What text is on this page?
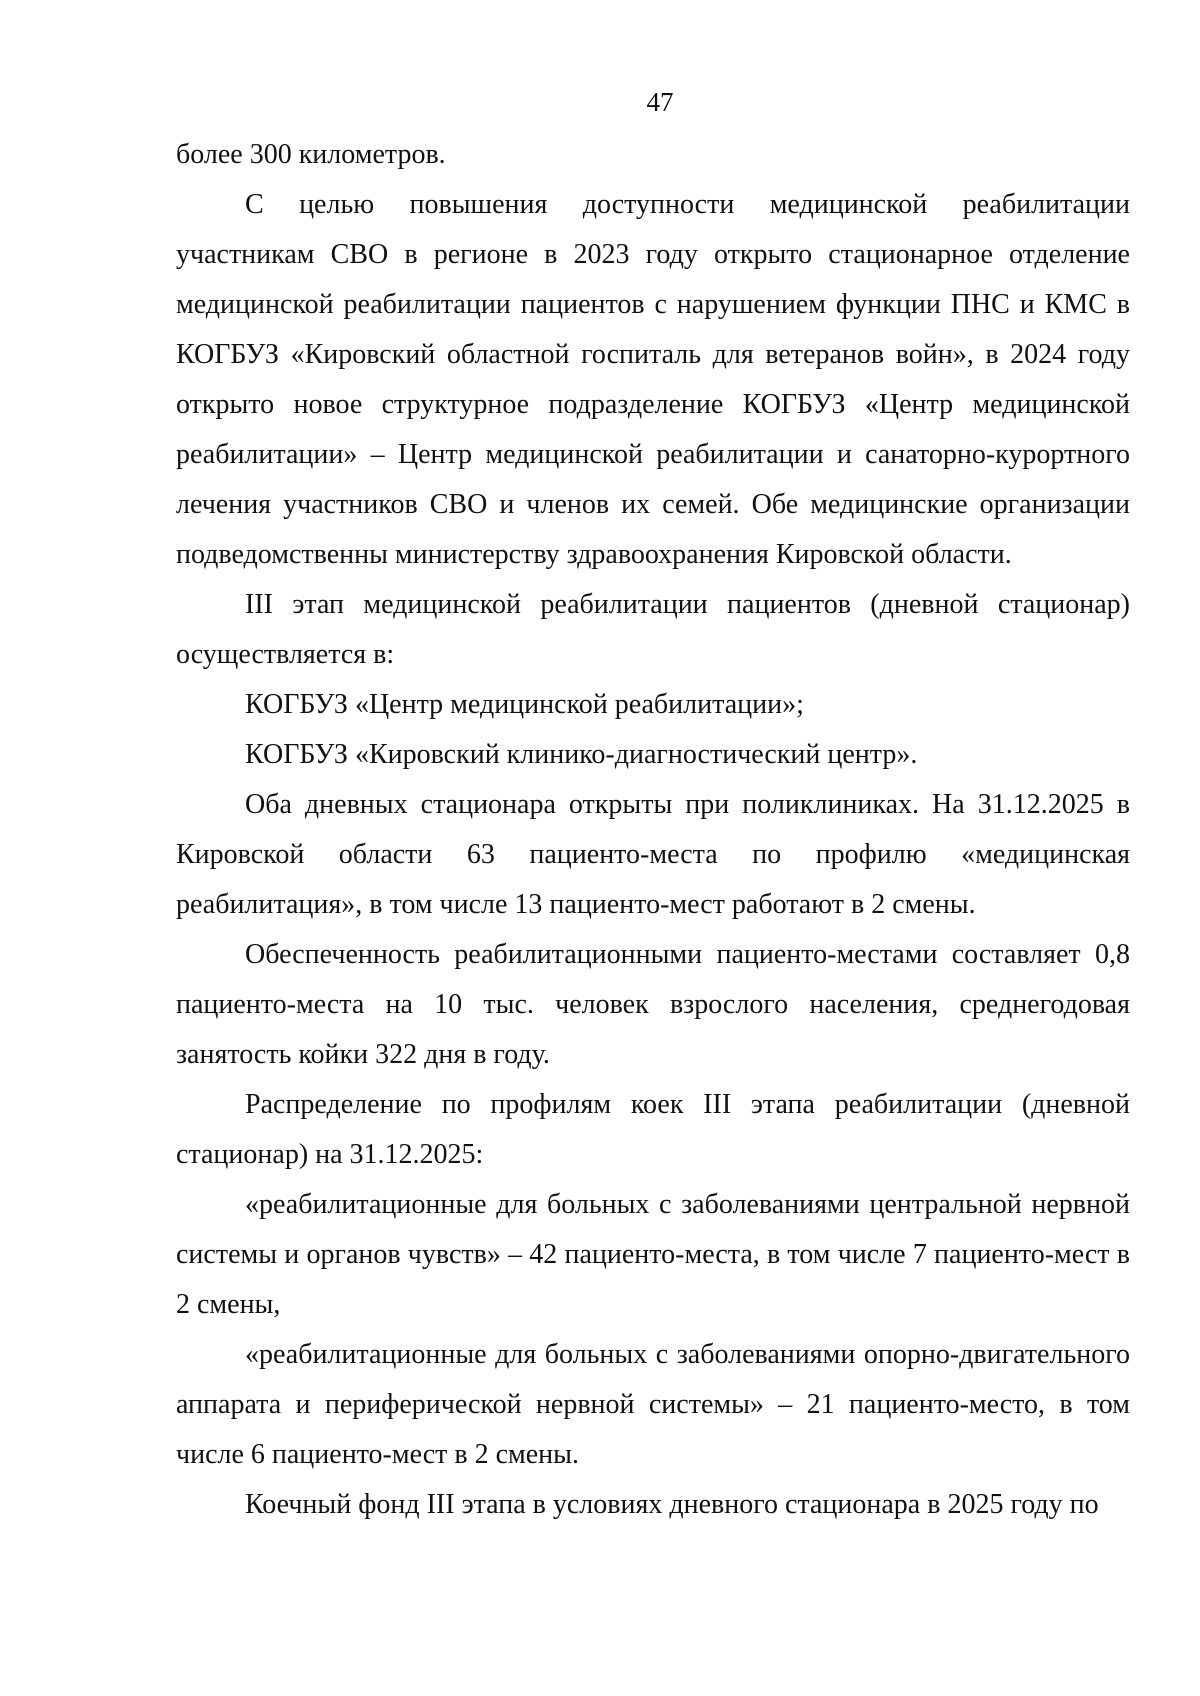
47

более 300 километров.

С целью повышения доступности медицинской реабилитации участникам СВО в регионе в 2023 году открыто стационарное отделение медицинской реабилитации пациентов с нарушением функции ПНС и КМС в КОГБУЗ «Кировский областной госпиталь для ветеранов войн», в 2024 году открыто новое структурное подразделение КОГБУЗ «Центр медицинской реабилитации» – Центр медицинской реабилитации и санаторно-курортного лечения участников СВО и членов их семей. Обе медицинские организации подведомственны министерству здравоохранения Кировской области.

III этап медицинской реабилитации пациентов (дневной стационар) осуществляется в:

КОГБУЗ «Центр медицинской реабилитации»;

КОГБУЗ «Кировский клинико-диагностический центр».

Оба дневных стационара открыты при поликлиниках. На 31.12.2025 в Кировской области 63 пациенто-места по профилю «медицинская реабилитация», в том числе 13 пациенто-мест работают в 2 смены.

Обеспеченность реабилитационными пациенто-местами составляет 0,8 пациенто-места на 10 тыс. человек взрослого населения, среднегодовая занятость койки 322 дня в году.

Распределение по профилям коек III этапа реабилитации (дневной стационар) на 31.12.2025:

«реабилитационные для больных с заболеваниями центральной нервной системы и органов чувств» – 42 пациенто-места, в том числе 7 пациенто-мест в 2 смены,

«реабилитационные для больных с заболеваниями опорно-двигательного аппарата и периферической нервной системы» – 21 пациенто-место, в том числе 6 пациенто-мест в 2 смены.

Коечный фонд III этапа в условиях дневного стационара в 2025 году по
